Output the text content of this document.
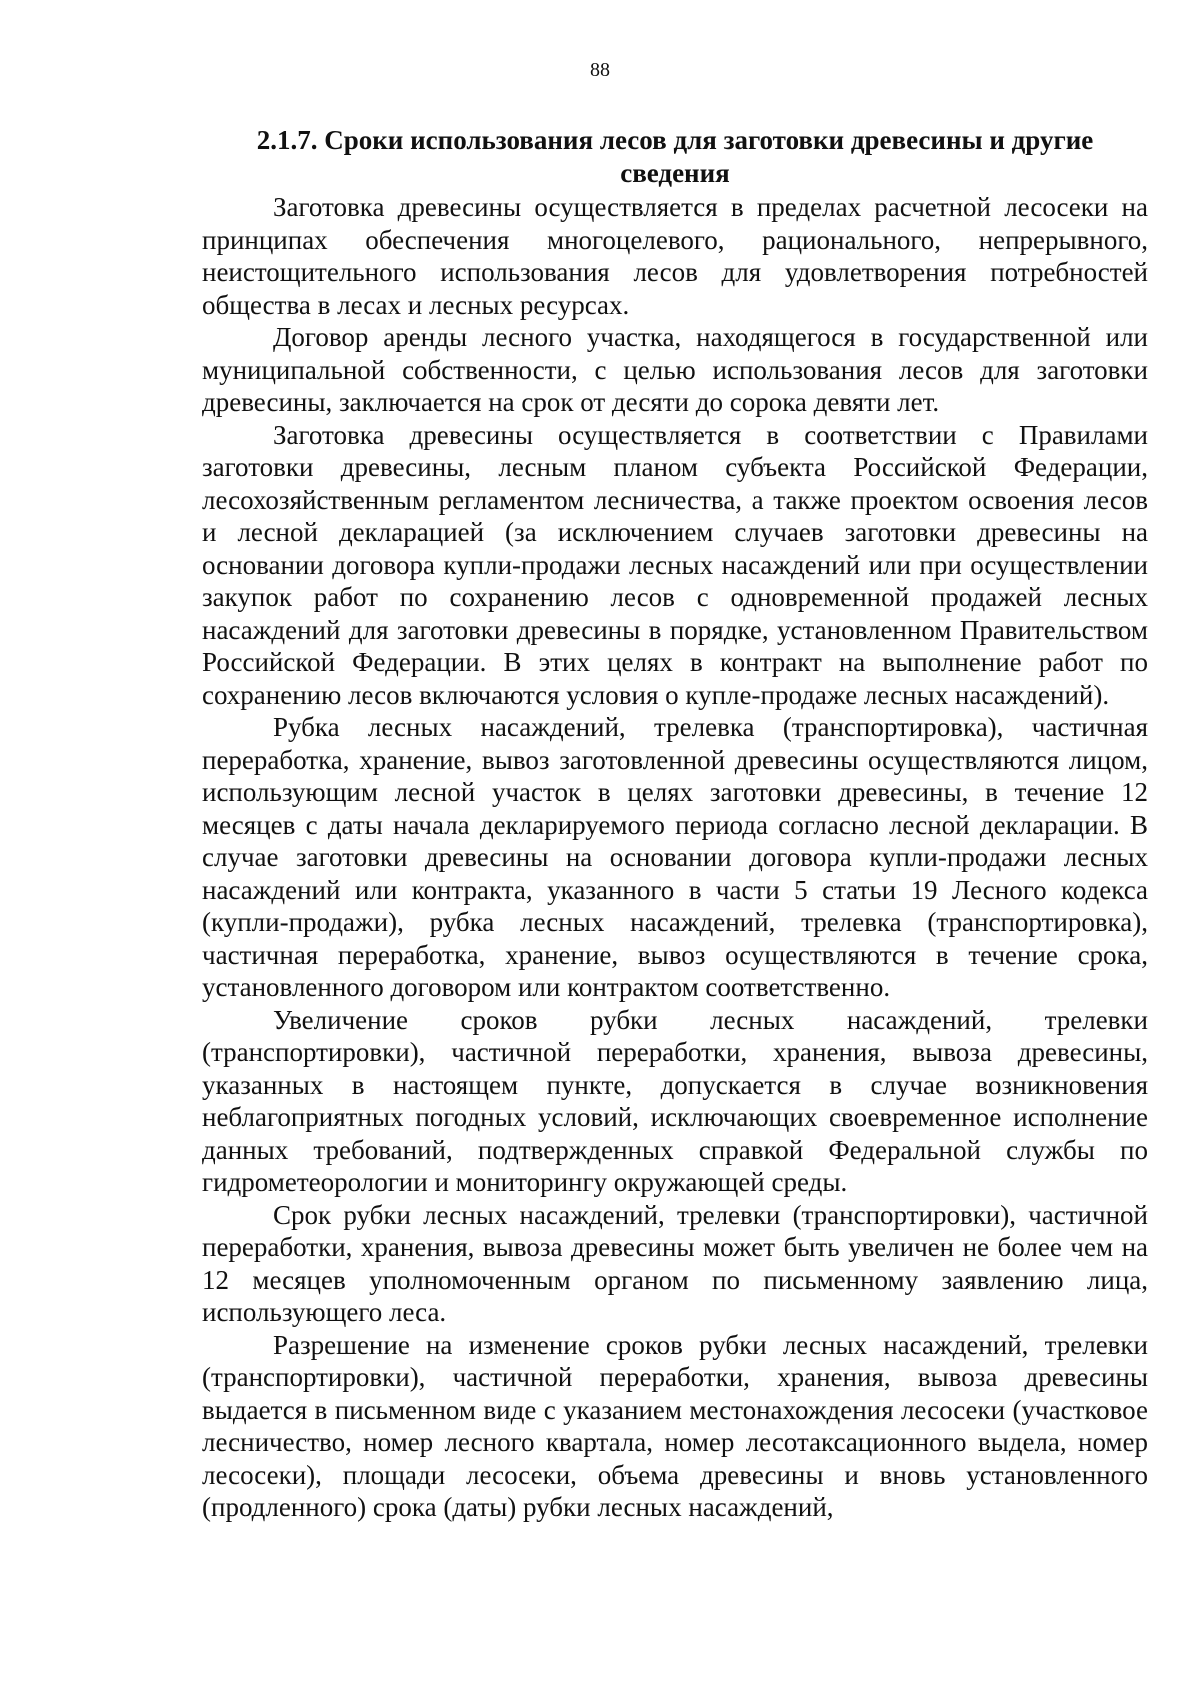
88
2.1.7. Сроки использования лесов для заготовки древесины и другие сведения

Заготовка древесины осуществляется в пределах расчетной лесосеки на принципах обеспечения многоцелевого, рационального, непрерывного, неистощительного использования лесов для удовлетворения потребностей общества в лесах и лесных ресурсах.

Договор аренды лесного участка, находящегося в государственной или муниципальной собственности, с целью использования лесов для заготовки древесины, заключается на срок от десяти до сорока девяти лет.

Заготовка древесины осуществляется в соответствии с Правилами заготовки древесины, лесным планом субъекта Российской Федерации, лесохозяйственным регламентом лесничества, а также проектом освоения лесов и лесной декларацией (за исключением случаев заготовки древесины на основании договора купли-продажи лесных насаждений или при осуществлении закупок работ по сохранению лесов с одновременной продажей лесных насаждений для заготовки древесины в порядке, установленном Правительством Российской Федерации. В этих целях в контракт на выполнение работ по сохранению лесов включаются условия о купле-продаже лесных насаждений).

Рубка лесных насаждений, трелевка (транспортировка), частичная переработка, хранение, вывоз заготовленной древесины осуществляются лицом, использующим лесной участок в целях заготовки древесины, в течение 12 месяцев с даты начала декларируемого периода согласно лесной декларации. В случае заготовки древесины на основании договора купли-продажи лесных насаждений или контракта, указанного в части 5 статьи 19 Лесного кодекса (купли-продажи), рубка лесных насаждений, трелевка (транспортировка), частичная переработка, хранение, вывоз осуществляются в течение срока, установленного договором или контрактом соответственно.

Увеличение сроков рубки лесных насаждений, трелевки (транспортировки), частичной переработки, хранения, вывоза древесины, указанных в настоящем пункте, допускается в случае возникновения неблагоприятных погодных условий, исключающих своевременное исполнение данных требований, подтвержденных справкой Федеральной службы по гидрометеорологии и мониторингу окружающей среды.

Срок рубки лесных насаждений, трелевки (транспортировки), частичной переработки, хранения, вывоза древесины может быть увеличен не более чем на 12 месяцев уполномоченным органом по письменному заявлению лица, использующего леса.

Разрешение на изменение сроков рубки лесных насаждений, трелевки (транспортировки), частичной переработки, хранения, вывоза древесины выдается в письменном виде с указанием местонахождения лесосеки (участковое лесничество, номер лесного квартала, номер лесотаксационного выдела, номер лесосеки), площади лесосеки, объема древесины и вновь установленного (продленного) срока (даты) рубки лесных насаждений,
